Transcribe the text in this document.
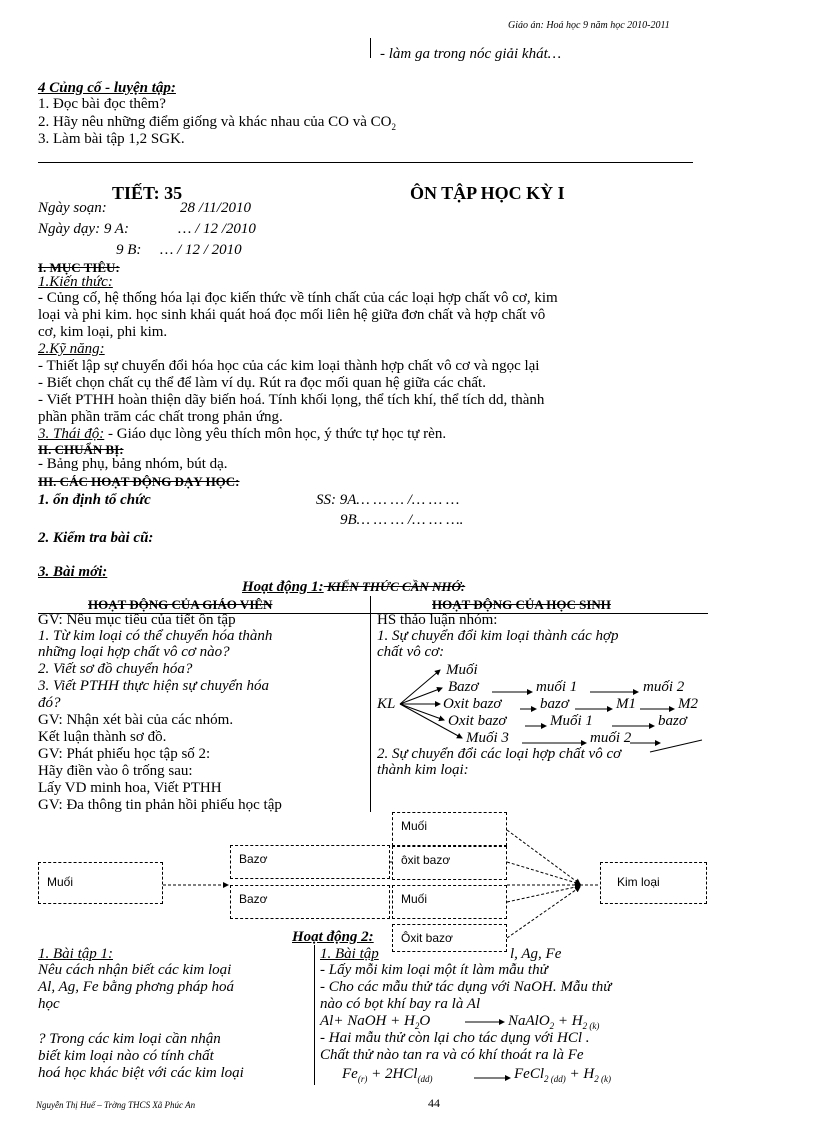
Giáo án: Hoá học 9 năm học 2010-2011
- làm ga trong nóc giải khát…
4 Củng cố - luyện tập:
1. Đọc bài đọc thêm?
2. Hãy nêu những điểm giống và khác nhau của CO và $CO_2$
3. Làm bài tập 1,2 SGK.
TIẾT: 35	ÔN TẬP HỌC KỲ I
Ngày soạn:	28 /11/2010
Ngày dạy: 9 A:	… / 12 /2010
9 B: … / 12 / 2010
I. MỤC TIÊU:
1.Kiến thức:
- Củng cố, hệ thống hóa lại đọc kiến thức về tính chất của các loại hợp chất vô cơ, kim
loại và phi kim. học sinh khái quát hoá đọc mối liên hệ giữa đơn chất và hợp chất vô
cơ, kim loại, phi kim.
2.Kỹ năng:
- Thiết lập sự chuyển đổi hóa học của các kim loại thành hợp chất vô cơ và ngọc lại
- Biết chọn chất cụ thể để làm ví dụ. Rút ra đọc mối quan hệ giữa các chất.
- Viết PTHH hoàn thiện dãy biến hoá. Tính khối lọng, thể tích khí, thể tích dd, thành
phần phần trăm các chất trong phản ứng.
3. Thái độ: - Giáo dục lòng yêu thích môn học, ý thức tự học tự rèn.
II. CHUẨN BỊ:
- Bảng phụ, bảng nhóm, bút dạ.
III. CÁC HOẠT ĐỘNG DẠY HỌC:
1. ổn định tổ chức	SS: 9A… … … /… … …
9B… … … /… … ….
2. Kiểm tra bài cũ:
3. Bài mới:
Hoạt động 1: KIẾN THỨC CẦN NHỚ:
HOẠT ĐỘNG CỦA GIÁO VIÊN	HOẠT ĐỘNG CỦA HỌC SINH
GV: Nêu mục tiêu của tiết ôn tập
1. Từ kim loại có thể chuyển hóa thành
những loại hợp chất vô cơ nào?
2. Viết sơ đồ chuyển hóa?
3. Viết PTHH thực hiện sự chuyển hóa
đó?
GV: Nhận xét bài của các nhóm.
Kết luận thành sơ đồ.
GV: Phát phiếu học tập số 2:
Hãy điền vào ô trống sau:
Lấy VD minh hoa, Viết PTHH
GV: Đa thông tin phản hồi phiếu học tập
HS thảo luận nhóm:
1. Sự chuyển đổi kim loại thành các hợp
chất vô cơ:
Muối
Bazơ	muối 1	muối 2
KL	Oxit bazơ	bazơ	M1	M2
Oxit bazơ	Muối 1	bazơ
Muối 3	muối 2
2. Sự chuyển đổi các loại hợp chất vô cơ
thành kim loại:
Muối
Bazơ
Bazơ
Muối
ôxit bazơ
Muối
Ôxit bazơ
Kim loại
Hoạt động 2:
1. Bài tập 1:
Nêu cách nhận biết các kim loại
Al, Ag, Fe bằng phơng pháp hoá
học
? Trong các kim loại cần nhận
biết kim loại nào có tính chất
hoá học khác biệt với các kim loại
1. Bài tập	l, Ag, Fe
- Lấy mỗi kim loại một ít làm mẫu thử
- Cho các mẫu thử tác dụng với NaOH. Mẫu thử
nào có bọt khí bay ra là Al
Al+ NaOH + $H_2O$	NaAlO$_2$ + $H_{2 (k)}$
- Hai mẫu thử còn lại cho tác dụng với HCl .
Chất thử nào tan ra và có khí thoát ra là Fe
$Fe_{(r)} + 2HCl_{(dd)}$	FeCl$_{2 (dd)}$ + $H_{2 (k)}$
Nguyễn Thị Huế – Trờng THCS Xã Phúc An	44
